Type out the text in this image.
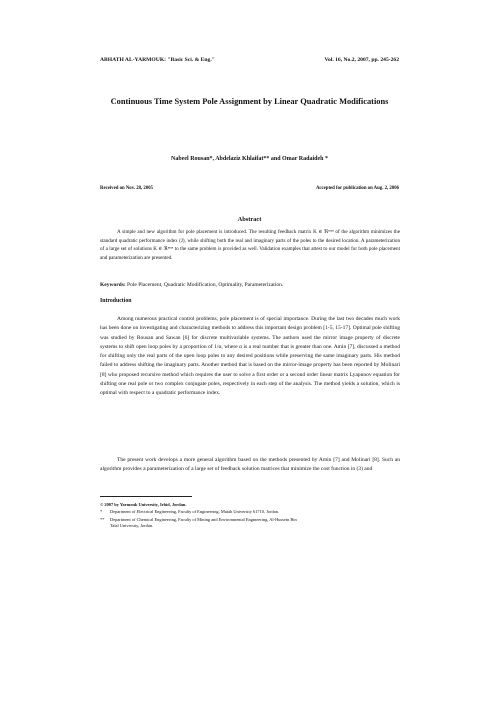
ABHATH AL-YARMOUK: "Basic Sci. & Eng."	Vol. 16, No.2, 2007, pp. 245-262
Continuous Time System Pole Assignment by Linear Quadratic Modifications
Nabeel Rousan*, Abdelaziz Khlaifat** and Omar Radaideh *
Received on Nov. 28, 2005	Accepted for publication on Aug. 2, 2006
Abstract
A simple and new algorithm for pole placement is introduced. The resulting feedback matrix K ∈ ℜᵐˣⁿ of the algorithm minimizes the standard quadratic performance index (J), while shifting both the real and imaginary parts of the poles to the desired location. A parameterization of a large set of solutions K ∈ ℜᵐˣⁿ to the same problem is provided as well. Validation examples that attest to our model for both pole placement and parameterization are presented.
Keywords: Pole Placement, Quadratic Modification, Optimality, Parameterization.
Introduction
Among numerous practical control problems, pole placement is of special importance. During the last two decades much work has been done on investigating and characterizing methods to address this important design problem [1-5, 15-17]. Optimal pole shifting was studied by Rousan and Sawan [6] for discrete multivariable systems. The authors used the mirror image property of discrete systems to shift open loop poles by a proportion of 1/α, where α is a real number that is greater than one. Amin [7], discussed a method for shifting only the real parts of the open loop poles to any desired positions while preserving the same imaginary parts. His method failed to address shifting the imaginary parts. Another method that is based on the mirror-image property has been reported by Molinari [8] who proposed recursive method which requires the user to solve a first order or a second order linear matrix Lyapunov equation for shifting one real pole or two complex conjugate poles, respectively in each step of the analysis. The method yields a solution, which is optimal with respect to a quadratic performance index.
The present work develops a more general algorithm based on the methods presented by Amin [7] and Molinari [8]. Such an algorithm provides a parameterization of a large set of feedback solution matrices that minimize the cost function in (3) and
© 2007 by Yarmouk University, Irbid, Jordan.
* Department of Electrical Engineering, Faculty of Engineering, Mutah University 61710, Jordan.
** Department of Chemical Engineering, Faculty of Mining and Environmental Engineering, Al-Hussein Bin
Talal University, Jordan.
